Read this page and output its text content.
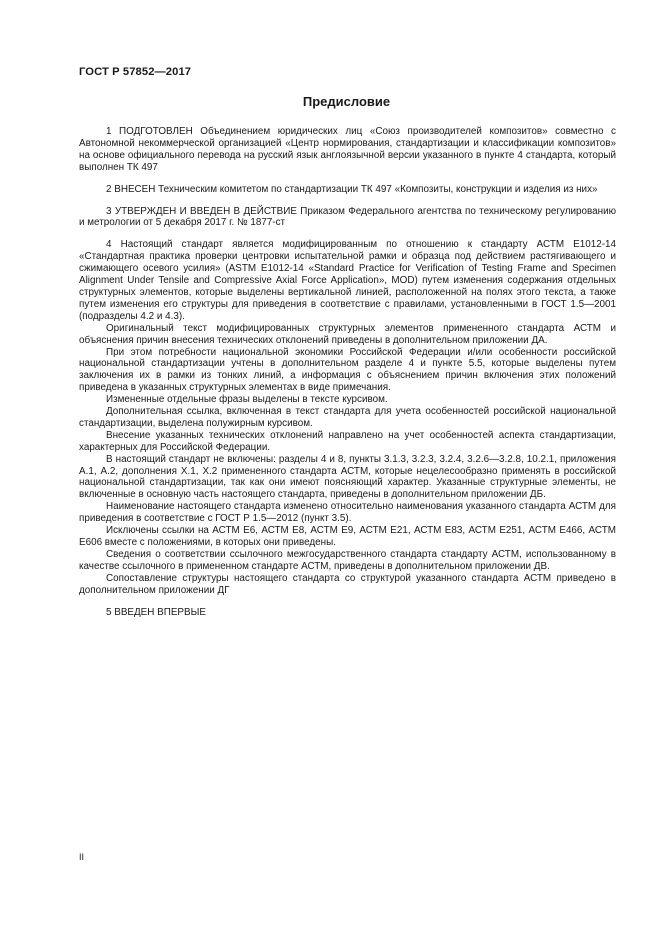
ГОСТ Р 57852—2017
Предисловие

1 ПОДГОТОВЛЕН Объединением юридических лиц «Союз производителей композитов» совместно с Автономной некоммерческой организацией «Центр нормирования, стандартизации и классификации композитов» на основе официального перевода на русский язык англоязычной версии указанного в пункте 4 стандарта, который выполнен ТК 497

2 ВНЕСЕН Техническим комитетом по стандартизации ТК 497 «Композиты, конструкции и изделия из них»

3 УТВЕРЖДЕН И ВВЕДЕН В ДЕЙСТВИЕ Приказом Федерального агентства по техническому регулированию и метрологии от 5 декабря 2017 г. № 1877-ст

4 Настоящий стандарт является модифицированным по отношению к стандарту АСТМ Е1012-14 «Стандартная практика проверки центровки испытательной рамки и образца под действием растягивающего и сжимающего осевого усилия» (ASTM E1012-14 «Standard Practice for Verification of Testing Frame and Specimen Alignment Under Tensile and Compressive Axial Force Application», MOD) путем изменения содержания отдельных структурных элементов, которые выделены вертикальной линией, расположенной на полях этого текста, а также путем изменения его структуры для приведения в соответствие с правилами, установленными в ГОСТ 1.5—2001 (подразделы 4.2 и 4.3).

Оригинальный текст модифицированных структурных элементов примененного стандарта АСТМ и объяснения причин внесения технических отклонений приведены в дополнительном приложении ДА.

При этом потребности национальной экономики Российской Федерации и/или особенности российской национальной стандартизации учтены в дополнительном разделе 4 и пункте 5.5, которые выделены путем заключения их в рамки из тонких линий, а информация с объяснением причин включения этих положений приведена в указанных структурных элементах в виде примечания.

Измененные отдельные фразы выделены в тексте курсивом.

Дополнительная ссылка, включенная в текст стандарта для учета особенностей российской национальной стандартизации, выделена полужирным курсивом.

Внесение указанных технических отклонений направлено на учет особенностей аспекта стандартизации, характерных для Российской Федерации.

В настоящий стандарт не включены: разделы 4 и 8, пункты 3.1.3, 3.2.3, 3.2.4, 3.2.6—3.2.8, 10.2.1, приложения А.1, А.2, дополнения Х.1, Х.2 примененного стандарта АСТМ, которые нецелесообразно применять в российской национальной стандартизации, так как они имеют поясняющий характер. Указанные структурные элементы, не включенные в основную часть настоящего стандарта, приведены в дополнительном приложении ДБ.

Наименование настоящего стандарта изменено относительно наименования указанного стандарта АСТМ для приведения в соответствие с ГОСТ Р 1.5—2012 (пункт 3.5).

Исключены ссылки на АСТМ Е6, АСТМ Е8, АСТМ Е9, АСТМ Е21, АСТМ Е83, АСТМ Е251, АСТМ Е466, АСТМ Е606 вместе с положениями, в которых они приведены.

Сведения о соответствии ссылочного межгосударственного стандарта стандарту АСТМ, использованному в качестве ссылочного в примененном стандарте АСТМ, приведены в дополнительном приложении ДВ.

Сопоставление структуры настоящего стандарта со структурой указанного стандарта АСТМ приведено в дополнительном приложении ДГ

5 ВВЕДЕН ВПЕРВЫЕ

II
